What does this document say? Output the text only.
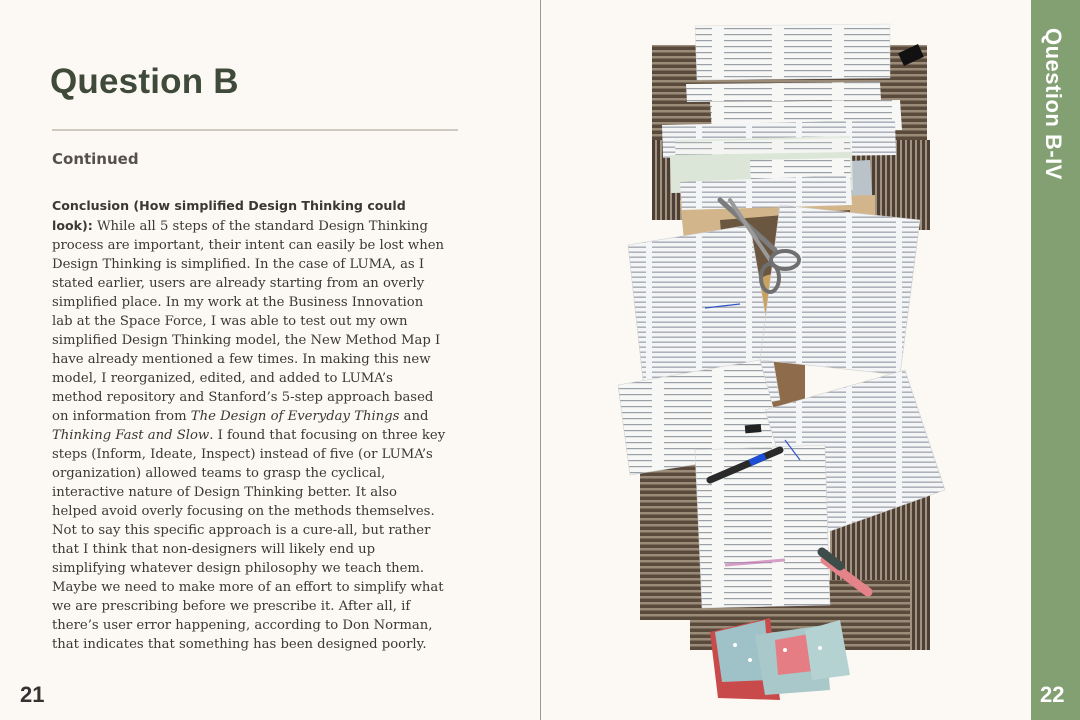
Question B
Continued
Conclusion (How simplified Design Thinking could look): While all 5 steps of the standard Design Thinking process are important, their intent can easily be lost when Design Thinking is simplified. In the case of LUMA, as I stated earlier, users are already starting from an overly simplified place. In my work at the Business Innovation lab at the Space Force, I was able to test out my own simplified Design Thinking model, the New Method Map I have already mentioned a few times. In making this new model, I reorganized, edited, and added to LUMA’s method repository and Stanford’s 5-step approach based on information from The Design of Everyday Things and Thinking Fast and Slow. I found that focusing on three key steps (Inform, Ideate, Inspect) instead of five (or LUMA’s organization) allowed teams to grasp the cyclical, interactive nature of Design Thinking better. It also helped avoid overly focusing on the methods themselves. Not to say this specific approach is a cure-all, but rather that I think that non-designers will likely end up simplifying whatever design philosophy we teach them. Maybe we need to make more of an effort to simplify what we are prescribing before we prescribe it. After all, if there’s user error happening, according to Don Norman, that indicates that something has been designed poorly.
21
Question B-IV
22
